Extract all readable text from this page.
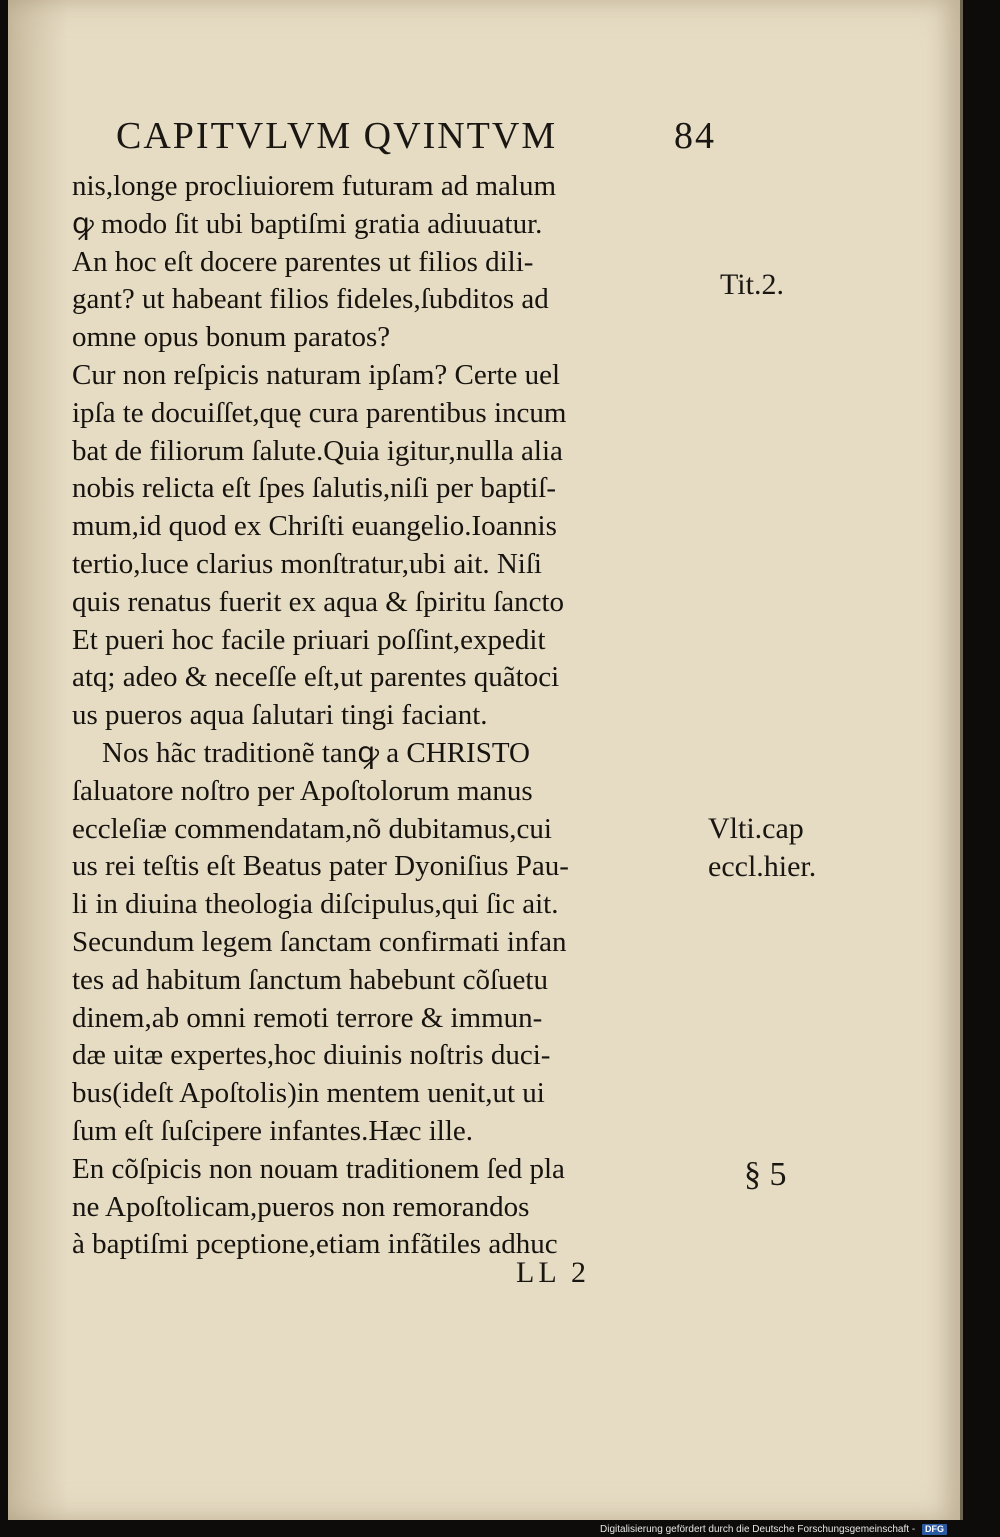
CAPITVLVM QVINTVM	84
nis,longe procliuiorem futuram ad malum
ꝙ modo ſit ubi baptiſmi gratia adiuuatur.
An hoc eſt docere parentes ut filios dili-
gant? ut habeant filios fideles,ſubditos ad
omne opus bonum paratos?
Cur non reſpicis naturam ipſam? Certe uel
ipſa te docuiſſet,quę cura parentibus incum
bat de filiorum ſalute.Quia igitur,nulla alia
nobis relicta eſt ſpes ſalutis,niſi per baptiſ-
mum,id quod ex Chriſti euangelio.Ioannis
tertio,luce clarius monſtratur,ubi ait. Niſi
quis renatus fuerit ex aqua & ſpiritu ſancto
Et pueri hoc facile priuari poſſint,expedit
atq; adeo & neceſſe eſt,ut parentes quãtoci
us pueros aqua ſalutari tingi faciant.
Nos hãc traditionẽ tanꝙ a CHRISTO
ſaluatore noſtro per Apoſtolorum manus
eccleſiæ commendatam,nõ dubitamus,cui
us rei teſtis eſt Beatus pater Dyoniſius Pau-
li in diuina theologia diſcipulus,qui ſic ait.
Secundum legem ſanctam confirmati infan
tes ad habitum ſanctum habebunt cõſuetu
dinem,ab omni remoti terrore & immun-
dæ uitæ expertes,hoc diuinis noſtris duci-
bus(ideſt Apoſtolis)in mentem uenit,ut ui
ſum eſt ſuſcipere infantes.Hæc ille.
En cõſpicis non nouam traditionem ſed pla
ne Apoſtolicam,pueros non remorandos
à baptiſmi pceptione,etiam infãtiles adhuc
Tit.2.
Vlti.cap
eccl.hier.
§ 5
LL 2
Digitalisierung gefördert durch die Deutsche Forschungsgemeinschaft - DFG
